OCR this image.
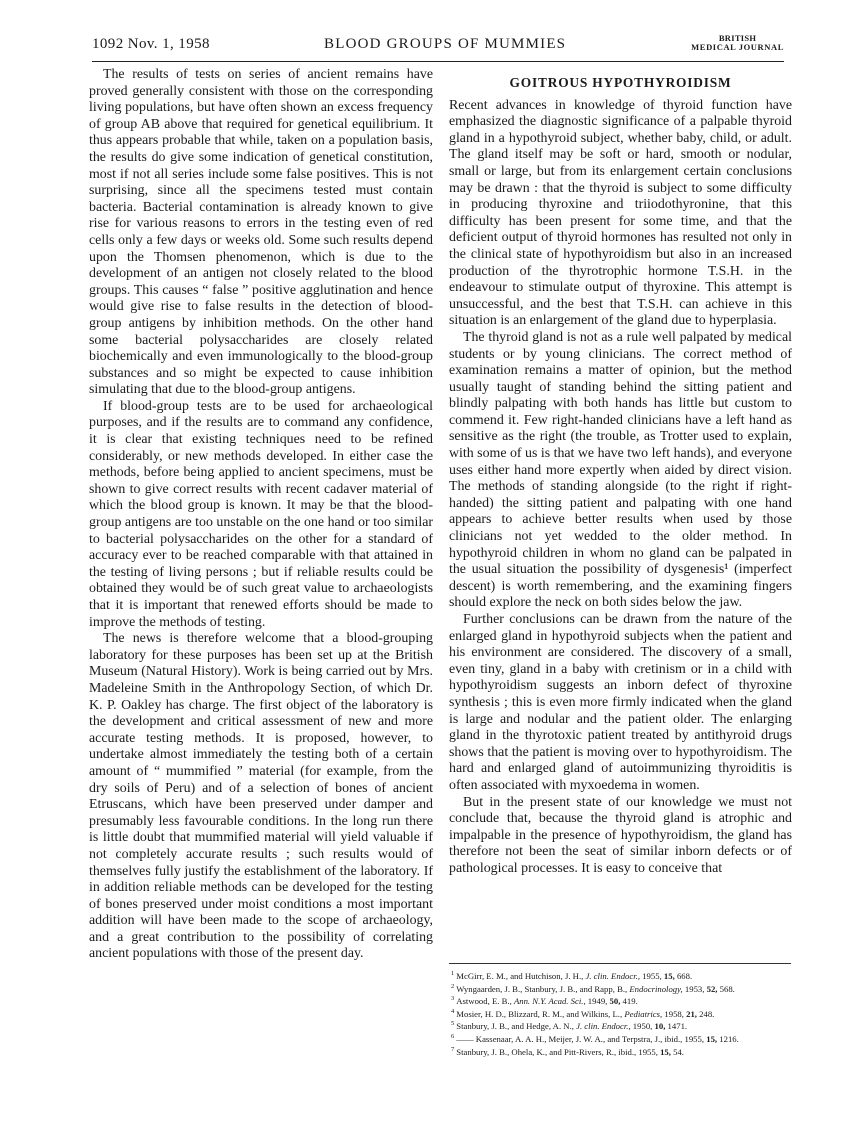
1092 Nov. 1, 1958	BLOOD GROUPS OF MUMMIES	BRITISH
MEDICAL JOURNAL

The results of tests on series of ancient remains have proved generally consistent with those on the corresponding living populations, but have often shown an excess frequency of group AB above that required for genetical equilibrium. It thus appears probable that while, taken on a population basis, the results do give some indication of genetical constitution, most if not all series include some false positives. This is not surprising, since all the specimens tested must contain bacteria. Bacterial contamination is already known to give rise for various reasons to errors in the testing even of red cells only a few days or weeks old. Some such results depend upon the Thomsen phenomenon, which is due to the development of an antigen not closely related to the blood groups. This causes “ false ” positive agglutination and hence would give rise to false results in the detection of blood-group antigens by inhibition methods. On the other hand some bacterial polysaccharides are closely related biochemically and even immunologically to the blood-group substances and so might be expected to cause inhibition simulating that due to the blood-group antigens.

If blood-group tests are to be used for archaeological purposes, and if the results are to command any confidence, it is clear that existing techniques need to be refined considerably, or new methods developed. In either case the methods, before being applied to ancient specimens, must be shown to give correct results with recent cadaver material of which the blood group is known. It may be that the blood-group antigens are too unstable on the one hand or too similar to bacterial polysaccharides on the other for a standard of accuracy ever to be reached comparable with that attained in the testing of living persons ; but if reliable results could be obtained they would be of such great value to archaeologists that it is important that renewed efforts should be made to improve the methods of testing.

The news is therefore welcome that a blood-grouping laboratory for these purposes has been set up at the British Museum (Natural History). Work is being carried out by Mrs. Madeleine Smith in the Anthropology Section, of which Dr. K. P. Oakley has charge. The first object of the laboratory is the development and critical assessment of new and more accurate testing methods. It is proposed, however, to undertake almost immediately the testing both of a certain amount of “ mummified ” material (for example, from the dry soils of Peru) and of a selection of bones of ancient Etruscans, which have been preserved under damper and presumably less favourable conditions. In the long run there is little doubt that mummified material will yield valuable if not completely accurate results ; such results would of themselves fully justify the establishment of the laboratory. If in addition reliable methods can be developed for the testing of bones preserved under moist conditions a most important addition will have been made to the scope of archaeology, and a great contribution to the possibility of correlating ancient populations with those of the present day.

GOITROUS HYPOTHYROIDISM

Recent advances in knowledge of thyroid function have emphasized the diagnostic significance of a palpable thyroid gland in a hypothyroid subject, whether baby, child, or adult. The gland itself may be soft or hard, smooth or nodular, small or large, but from its enlargement certain conclusions may be drawn : that the thyroid is subject to some difficulty in producing thyroxine and triiodothyronine, that this difficulty has been present for some time, and that the deficient output of thyroid hormones has resulted not only in the clinical state of hypothyroidism but also in an increased production of the thyrotrophic hormone T.S.H. in the endeavour to stimulate output of thyroxine. This attempt is unsuccessful, and the best that T.S.H. can achieve in this situation is an enlargement of the gland due to hyperplasia.

The thyroid gland is not as a rule well palpated by medical students or by young clinicians. The correct method of examination remains a matter of opinion, but the method usually taught of standing behind the sitting patient and blindly palpating with both hands has little but custom to commend it. Few right-handed clinicians have a left hand as sensitive as the right (the trouble, as Trotter used to explain, with some of us is that we have two left hands), and everyone uses either hand more expertly when aided by direct vision. The methods of standing alongside (to the right if right-handed) the sitting patient and palpating with one hand appears to achieve better results when used by those clinicians not yet wedded to the older method. In hypothyroid children in whom no gland can be palpated in the usual situation the possibility of dysgenesis¹ (imperfect descent) is worth remembering, and the examining fingers should explore the neck on both sides below the jaw.

Further conclusions can be drawn from the nature of the enlarged gland in hypothyroid subjects when the patient and his environment are considered. The discovery of a small, even tiny, gland in a baby with cretinism or in a child with hypothyroidism suggests an inborn defect of thyroxine synthesis ; this is even more firmly indicated when the gland is large and nodular and the patient older. The enlarging gland in the thyrotoxic patient treated by antithyroid drugs shows that the patient is moving over to hypothyroidism. The hard and enlarged gland of autoimmunizing thyroiditis is often associated with myxoedema in women.

But in the present state of our knowledge we must not conclude that, because the thyroid gland is atrophic and impalpable in the presence of hypothyroidism, the gland has therefore not been the seat of similar inborn defects or of pathological processes. It is easy to conceive that

$^1$ McGirr, E. M., and Hutchison, J. H., J. clin. Endocr., 1955, 15, 668.
$^2$ Wyngaarden, J. B., Stanbury, J. B., and Rapp, B., Endocrinology, 1953, 52, 568.
$^3$ Astwood, E. B., Ann. N.Y. Acad. Sci., 1949, 50, 419.
$^4$ Mosier, H. D., Blizzard, R. M., and Wilkins, L., Pediatrics, 1958, 21, 248.
$^5$ Stanbury, J. B., and Hedge, A. N., J. clin. Endocr., 1950, 10, 1471.
$^6$ —— Kassenaar, A. A. H., Meijer, J. W. A., and Terpstra, J., ibid., 1955, 15, 1216.
$^7$ Stanbury, J. B., Ohela, K., and Pitt-Rivers, R., ibid., 1955, 15, 54.
